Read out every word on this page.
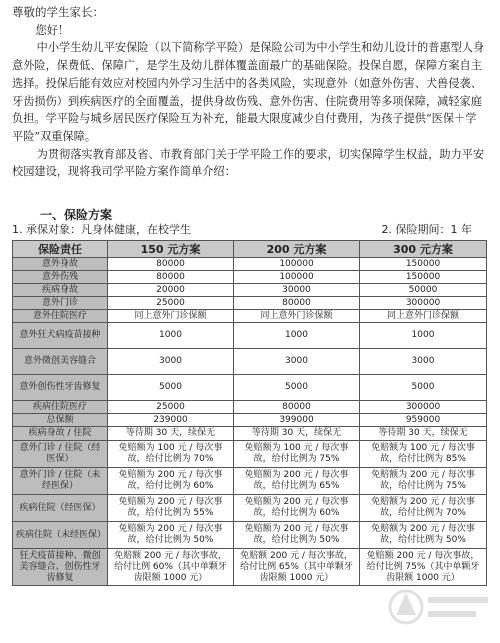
尊敬的学生家长：

您好！

中小学生幼儿平安保险（以下简称学平险）是保险公司为中小学生和幼儿设计的普惠型人身意外险，保费低、保障广，是学生及幼儿群体覆盖面最广的基础保险。投保自愿，保障方案自主选择。投保后能有效应对校园内外学习生活中的各类风险，实现意外（如意外伤害、犬兽侵袭、牙齿损伤）到疾病医疗的全面覆盖，提供身故伤残、意外伤害、住院费用等多项保障，减轻家庭负担。学平险与城乡居民医疗保险互为补充，能最大限度减少自付费用，为孩子提供“医保＋学平险”双重保障。

为贯彻落实教育部及省、市教育部门关于学平险工作的要求，切实保障学生权益，助力平安校园建设，现将我司学平险方案作简单介绍：

一、保险方案
1. 承保对象：凡身体健康，在校学生	2. 保险期间：1 年
保险责任	150 元方案	200 元方案	300 元方案
意外身故	80000	100000	150000
意外伤残	80000	100000	150000
疾病身故	20000	30000	50000
意外门诊	25000	80000	300000
意外住院医疗	同上意外门诊保额	同上意外门诊保额	同上意外门诊保额
意外狂犬病疫苗接种	1000	1000	1000
意外微创美容缝合	3000	3000	3000
意外创伤性牙齿修复	5000	5000	5000
疾病住院医疗	25000	80000	300000
总保额	239000	399000	959000
疾病身故 / 住院	等待期 30 天，续保无	等待期 30 天，续保无	等待期 30 天，续保无
意外门诊 / 住院（经医保）	免赔额为 100 元 / 每次事故，给付比例为 70%	免赔额为 100 元 / 每次事故，给付比例为 75%	免赔额为 100 元 / 每次事故，给付比例为 85%
意外门诊 / 住院（未经医保）	免赔额为 200 元 / 每次事故，给付比例为 60%	免赔额为 200 元 / 每次事故，给付比例为 65%	免赔额为 200 元 / 每次事故，给付比例为 75%
疾病住院（经医保）	免赔额为 200 元 / 每次事故，给付比例为 55%	免赔额为 200 元 / 每次事故，给付比例为 60%	免赔额为 200 元 / 每次事故，给付比例为 70%
疾病住院（未经医保）	免赔额为 200 元 / 每次事故，给付比例为 50%	免赔额为 200 元 / 每次事故，给付比例为 50%	免赔额为 200 元 / 每次事故，给付比例为 50%
狂犬疫苗接种、微创美容缝合、创伤性牙齿修复	免赔额 200 元 / 每次事故，给付比例 60%（其中单颗牙齿限额 1000 元）	免赔额 200 元 / 每次事故，给付比例 65%（其中单颗牙齿限额 1000 元）	免赔额 200 元 / 每次事故，给付比例 75%（其中单颗牙齿限额 1000 元）
